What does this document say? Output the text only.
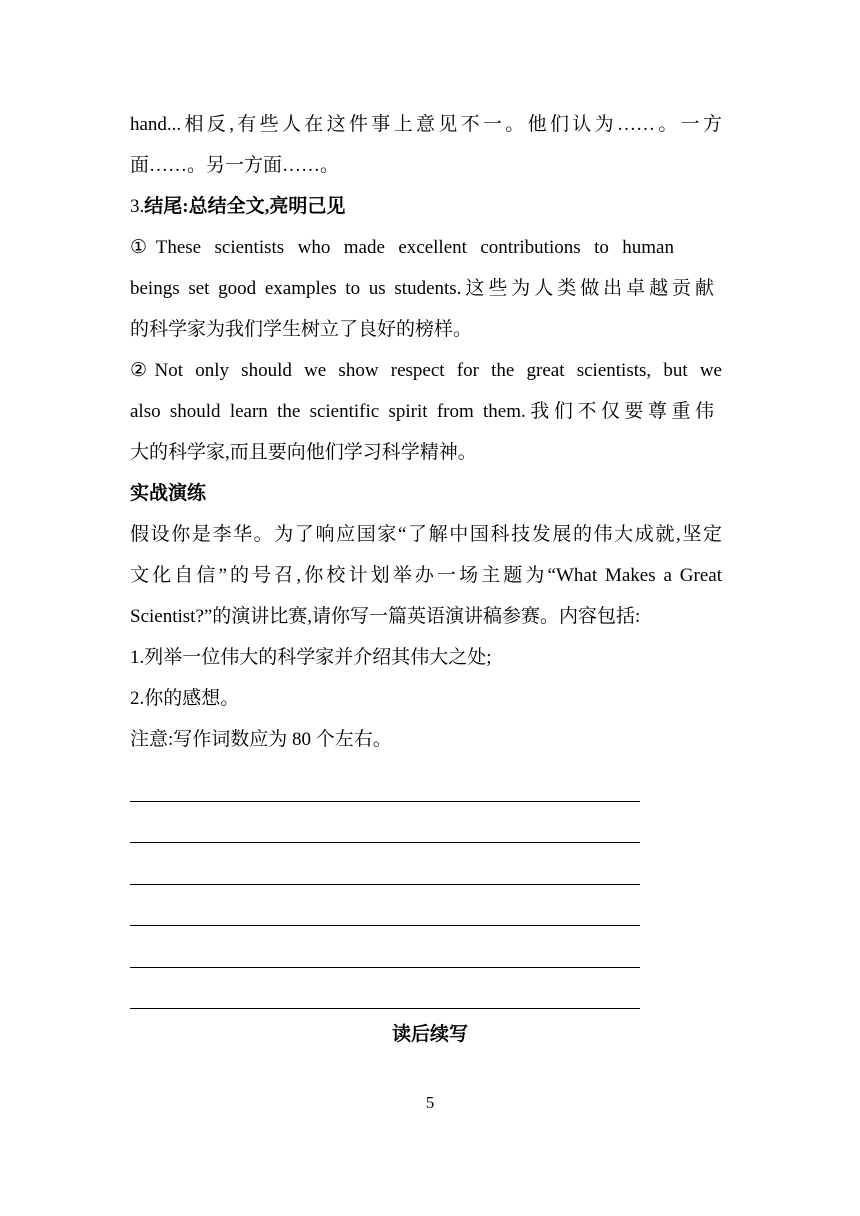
hand...相反,有些人在这件事上意见不一。他们认为……。一方
面……。另一方面……。
3.结尾:总结全文,亮明己见
①These scientists who made excellent contributions to human
beings set good examples to us students.这些为人类做出卓越贡献
的科学家为我们学生树立了良好的榜样。
②Not only should we show respect for the great scientists, but we
also should learn the scientific spirit from them.我们不仅要尊重伟
大的科学家,而且要向他们学习科学精神。
实战演练
假设你是李华。为了响应国家“了解中国科技发展的伟大成就,坚定
文化自信”的号召,你校计划举办一场主题为“What Makes a Great
Scientist?”的演讲比赛,请你写一篇英语演讲稿参赛。内容包括:
1.列举一位伟大的科学家并介绍其伟大之处;
2.你的感想。
注意:写作词数应为 80 个左右。
读后续写
5
